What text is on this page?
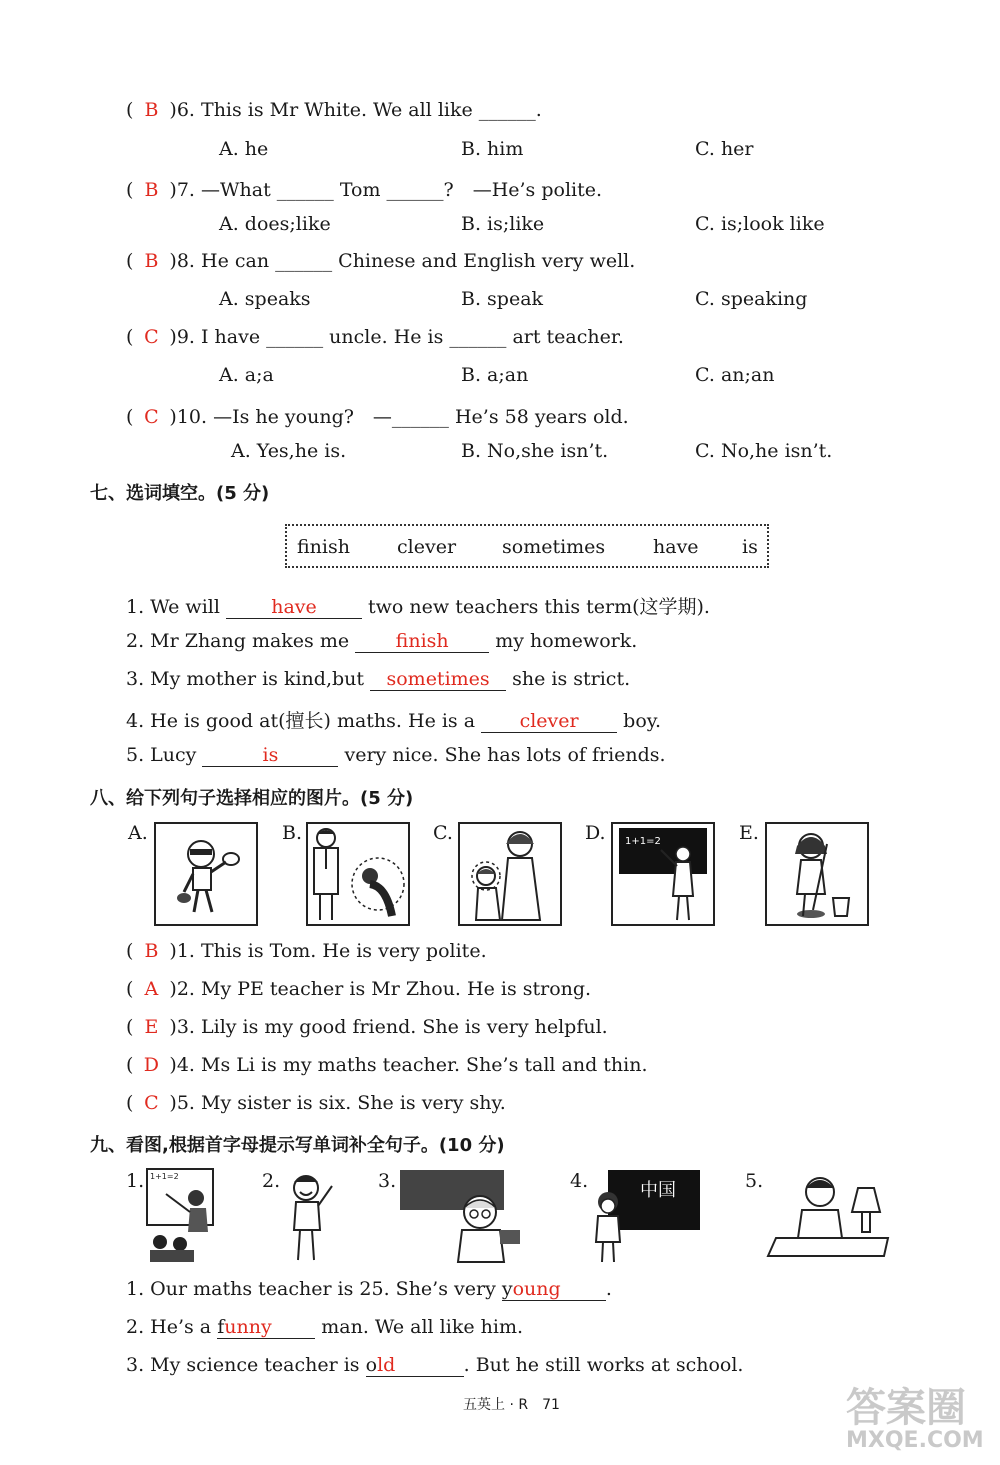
( B )6. This is Mr White. We all like ______.
A. he	B. him	C. her
( B )7. —What ______ Tom ______?　—He’s polite.
A. does;like	B. is;like	C. is;look like
( B )8. He can ______ Chinese and English very well.
A. speaks	B. speak	C. speaking
( C )9. I have ______ uncle. He is ______ art teacher.
A. a;a	B. a;an	C. an;an
( C )10. —Is he young?　—______ He’s 58 years old.
A. Yes,he is.	B. No,she isn’t.	C. No,he isn’t.
七、选词填空。(5 分)
finish clever sometimes	have is
1. We will	have	two new teachers this term(这学期).
2. Mr Zhang makes me finish my homework.
3. My mother is kind,but sometimes she is strict.
4. He is good at(擅长) maths. He is a clever boy.
5. Lucy	is	very nice. She has lots of friends.
八、给下列句子选择相应的图片。(5 分)
A.	B.	C.	D.	E.
1+1=2
( B )1. This is Tom. He is very polite.
( A )2. My PE teacher is Mr Zhou. He is strong.
( E )3. Lily is my good friend. She is very helpful.
( D )4. Ms Li is my maths teacher. She’s tall and thin.
( C )5. My sister is six. She is very shy.
九、看图,根据首字母提示写单词补全句子。(10 分)
1.	2.	3.	4.	5.
1+1=2
中国
1. Our maths teacher is 25. She’s very young .
2. He’s a funny	man. We all like him.
3. My science teacher is old	. But he still works at school.
五英上 · R　71	答案圈
MXQE.COM
